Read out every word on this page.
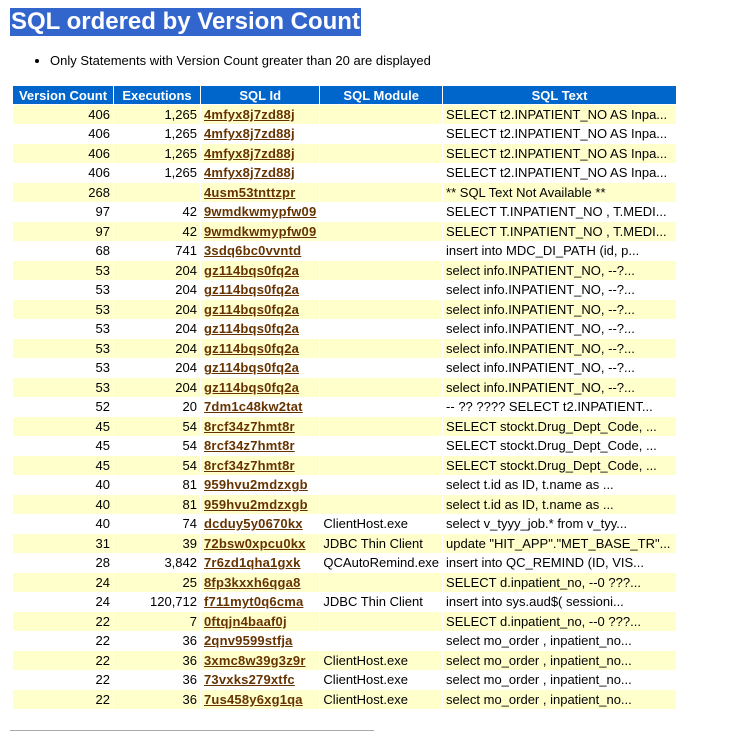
SQL ordered by Version Count
• Only Statements with Version Count greater than 20 are displayed
Version Count	Executions	SQL Id	SQL Module	SQL Text
406	1,265	4mfyx8j7zd88j		SELECT t2.INPATIENT_NO AS Inpa...
406	1,265	4mfyx8j7zd88j		SELECT t2.INPATIENT_NO AS Inpa...
406	1,265	4mfyx8j7zd88j		SELECT t2.INPATIENT_NO AS Inpa...
406	1,265	4mfyx8j7zd88j		SELECT t2.INPATIENT_NO AS Inpa...
268		4usm53tnttzpr		** SQL Text Not Available **
97	42	9wmdkwmypfw09		SELECT T.INPATIENT_NO , T.MEDI...
97	42	9wmdkwmypfw09		SELECT T.INPATIENT_NO , T.MEDI...
68	741	3sdq6bc0vvntd		insert into MDC_DI_PATH (id, p...
53	204	gz114bqs0fq2a		select info.INPATIENT_NO, --?...
53	204	gz114bqs0fq2a		select info.INPATIENT_NO, --?...
53	204	gz114bqs0fq2a		select info.INPATIENT_NO, --?...
53	204	gz114bqs0fq2a		select info.INPATIENT_NO, --?...
53	204	gz114bqs0fq2a		select info.INPATIENT_NO, --?...
53	204	gz114bqs0fq2a		select info.INPATIENT_NO, --?...
53	204	gz114bqs0fq2a		select info.INPATIENT_NO, --?...
52	20	7dm1c48kw2tat		-- ?? ???? SELECT t2.INPATIENT...
45	54	8rcf34z7hmt8r		SELECT stockt.Drug_Dept_Code, ...
45	54	8rcf34z7hmt8r		SELECT stockt.Drug_Dept_Code, ...
45	54	8rcf34z7hmt8r		SELECT stockt.Drug_Dept_Code, ...
40	81	959hvu2mdzxgb		select t.id as ID, t.name as ...
40	81	959hvu2mdzxgb		select t.id as ID, t.name as ...
40	74	dcduy5y0670kx	ClientHost.exe	select v_tyyy_job.* from v_tyy...
31	39	72bsw0xpcu0kx	JDBC Thin Client	update "HIT_APP"."MET_BASE_TR"...
28	3,842	7r6zd1qha1gxk	QCAutoRemind.exe	insert into QC_REMIND (ID, VIS...
24	25	8fp3kxxh6qga8		SELECT d.inpatient_no, --0 ???...
24	120,712	f711myt0q6cma	JDBC Thin Client	insert into sys.aud$( sessioni...
22	7	0ftqjn4baaf0j		SELECT d.inpatient_no, --0 ???...
22	36	2qnv9599stfja		select mo_order , inpatient_no...
22	36	3xmc8w39g3z9r	ClientHost.exe	select mo_order , inpatient_no...
22	36	73vxks279xtfc	ClientHost.exe	select mo_order , inpatient_no...
22	36	7us458y6xg1qa	ClientHost.exe	select mo_order , inpatient_no...
